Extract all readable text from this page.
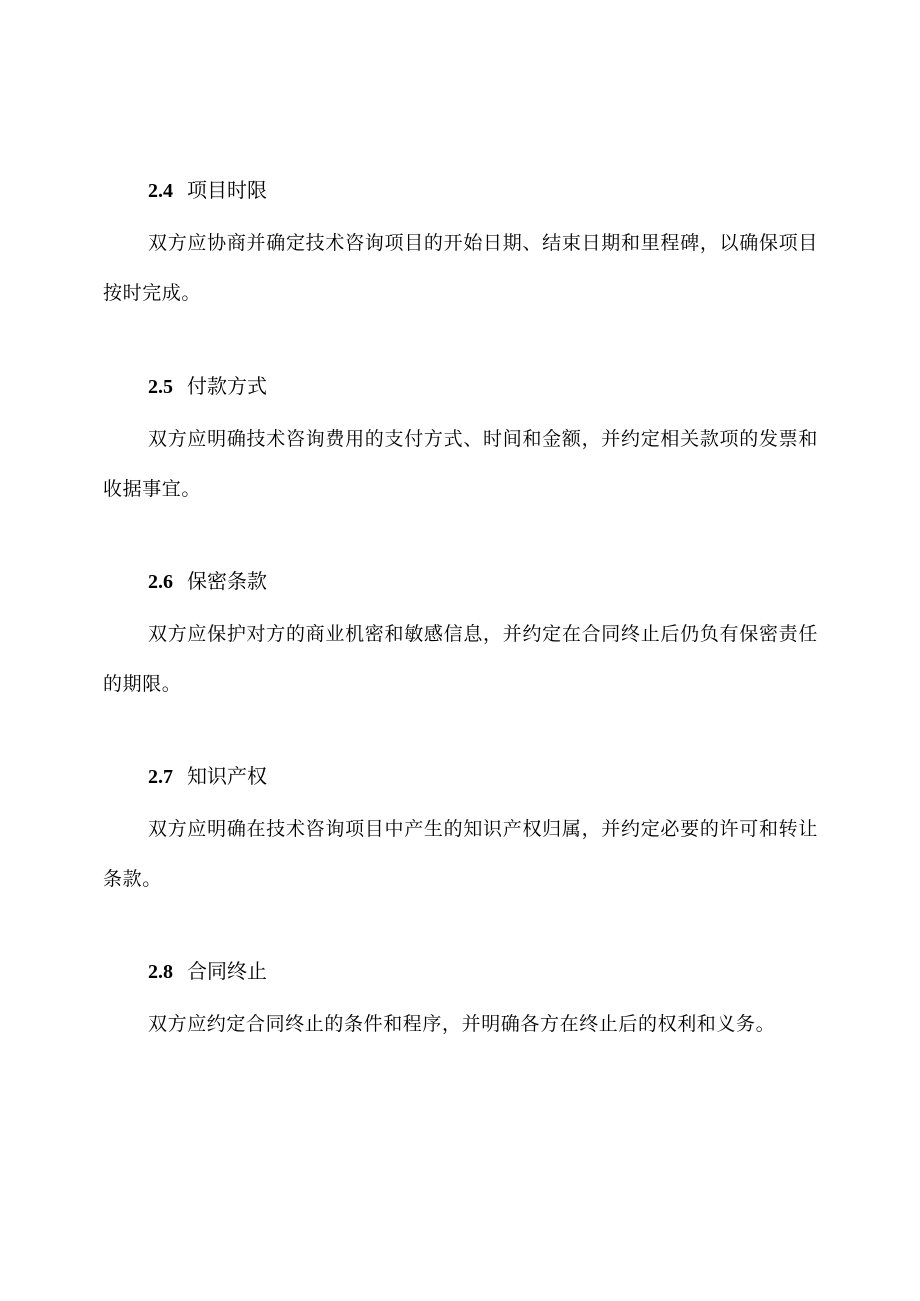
2.4 项目时限

双方应协商并确定技术咨询项目的开始日期、结束日期和里程碑，以确保项目按时完成。

2.5 付款方式

双方应明确技术咨询费用的支付方式、时间和金额，并约定相关款项的发票和收据事宜。

2.6 保密条款

双方应保护对方的商业机密和敏感信息，并约定在合同终止后仍负有保密责任的期限。

2.7 知识产权

双方应明确在技术咨询项目中产生的知识产权归属，并约定必要的许可和转让条款。

2.8 合同终止

双方应约定合同终止的条件和程序，并明确各方在终止后的权利和义务。
